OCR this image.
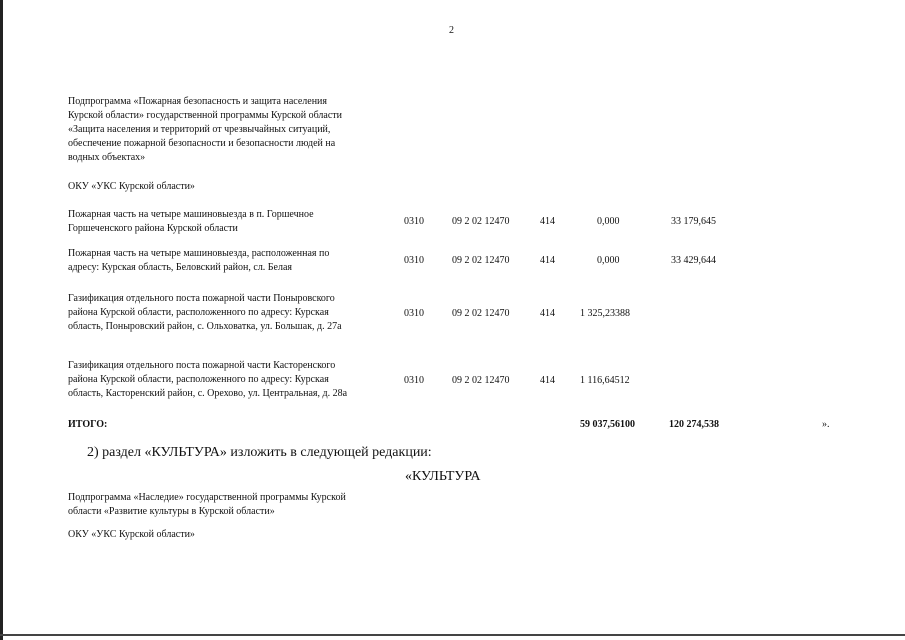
2
Подпрограмма «Пожарная безопасность и защита населения
Курской области» государственной программы Курской области
«Защита населения и территорий от чрезвычайных ситуаций,
обеспечение пожарной безопасности и безопасности людей на
водных объектах»
ОКУ «УКС Курской области»
Пожарная часть на четыре машиновыезда в п. Горшечное
Горшеченского района Курской области
0310	09 2 02 12470	414	0,000	33 179,645
Пожарная часть на четыре машиновыезда, расположенная по
адресу: Курская область, Беловский район, сл. Белая
0310	09 2 02 12470	414	0,000	33 429,644
Газификация отдельного поста пожарной части Поныровского
района Курской области, расположенного по адресу: Курская
область, Поныровский район, с. Ольховатка, ул. Большак, д. 27а
0310	09 2 02 12470	414	1 325,23388
Газификация отдельного поста пожарной части Касторенского
района Курской области, расположенного по адресу: Курская
область, Касторенский район, с. Орехово, ул. Центральная, д. 28а
0310	09 2 02 12470	414	1 116,64512
ИТОГО:	59 037,56100	120 274,538	».
2) раздел «КУЛЬТУРА» изложить в следующей редакции:
«КУЛЬТУРА
Подпрограмма «Наследие» государственной программы Курской
области «Развитие культуры в Курской области»
ОКУ «УКС Курской области»
